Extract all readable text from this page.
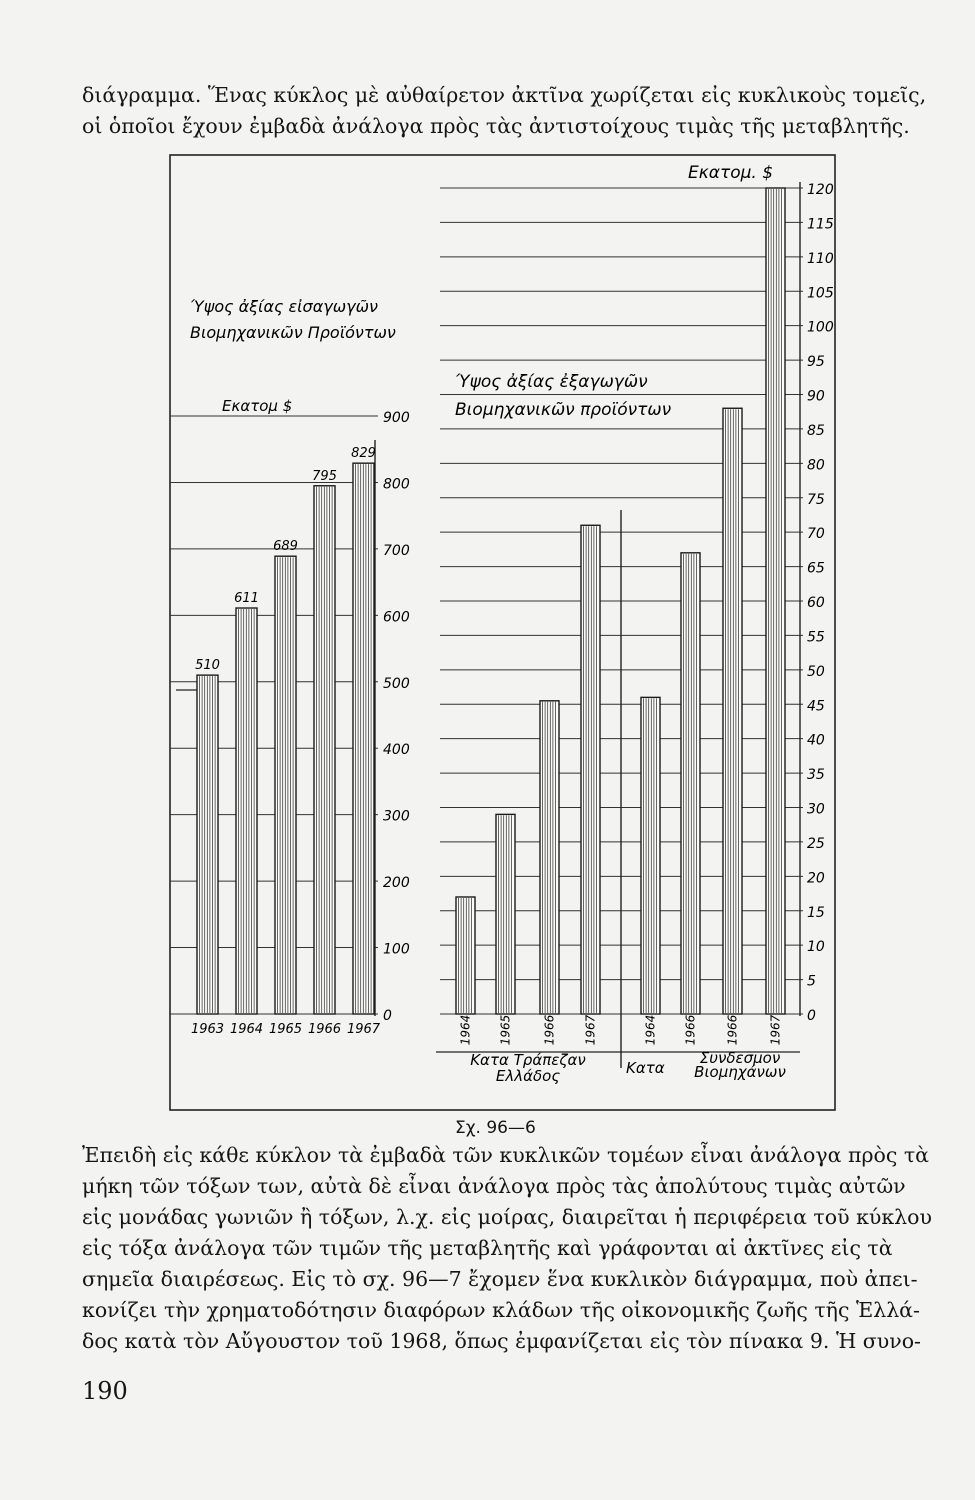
διάγραμμα. Ἕνας κύκλος μὲ αὐθαίρετον ἀκτῖνα χωρίζεται εἰς κυκλικοὺς τομεῖς,
οἱ ὁποῖοι ἔχουν ἐμβαδὰ ἀνάλογα πρὸς τὰς ἀντιστοίχους τιμὰς τῆς μεταβλητῆς.
0
100
200
300
400
500
600
700
800
900
Ύψος ἀξίας εἰσαγωγῶν Βιομηχανικῶν Προϊόντων
Εκατομ $
510
1963
611
1964
689
1965
795
1966
829
1967
0
5
10
15
20
25
30
35
40
45
50
55
60
65
70
75
80
85
90
95
100
105
110
115
120
Εκατομ. $
Ύψος ἀξίας ἐξαγωγῶν Βιομηχανικῶν προϊόντων
1964 1965	1966 1967	1964 1966 1966 1967
Κατα Τράπεζαν Ελλάδος	Κατα
Συνδεσμον Βιομηχάνων
Σχ. 96—6
Ἐπειδὴ εἰς κάθε κύκλον τὰ ἐμβαδὰ τῶν κυκλικῶν τομέων εἶναι ἀνάλογα πρὸς τὰ
μήκη τῶν τόξων των, αὐτὰ δὲ εἶναι ἀνάλογα πρὸς τὰς ἀπολύτους τιμὰς αὐτῶν
εἰς μονάδας γωνιῶν ἢ τόξων, λ.χ. εἰς μοίρας, διαιρεῖται ἡ περιφέρεια τοῦ κύκλου
εἰς τόξα ἀνάλογα τῶν τιμῶν τῆς μεταβλητῆς καὶ γράφονται αἱ ἀκτῖνες εἰς τὰ
σημεῖα διαιρέσεως. Εἰς τὸ σχ. 96—7 ἔχομεν ἕνα κυκλικὸν διάγραμμα, ποὺ ἀπει-
κονίζει τὴν χρηματοδότησιν διαφόρων κλάδων τῆς οἰκονομικῆς ζωῆς τῆς Ἑλλά-
δος κατὰ τὸν Αὔγουστον τοῦ 1968, ὅπως ἐμφανίζεται εἰς τὸν πίνακα 9. Ἡ συνο-
190
